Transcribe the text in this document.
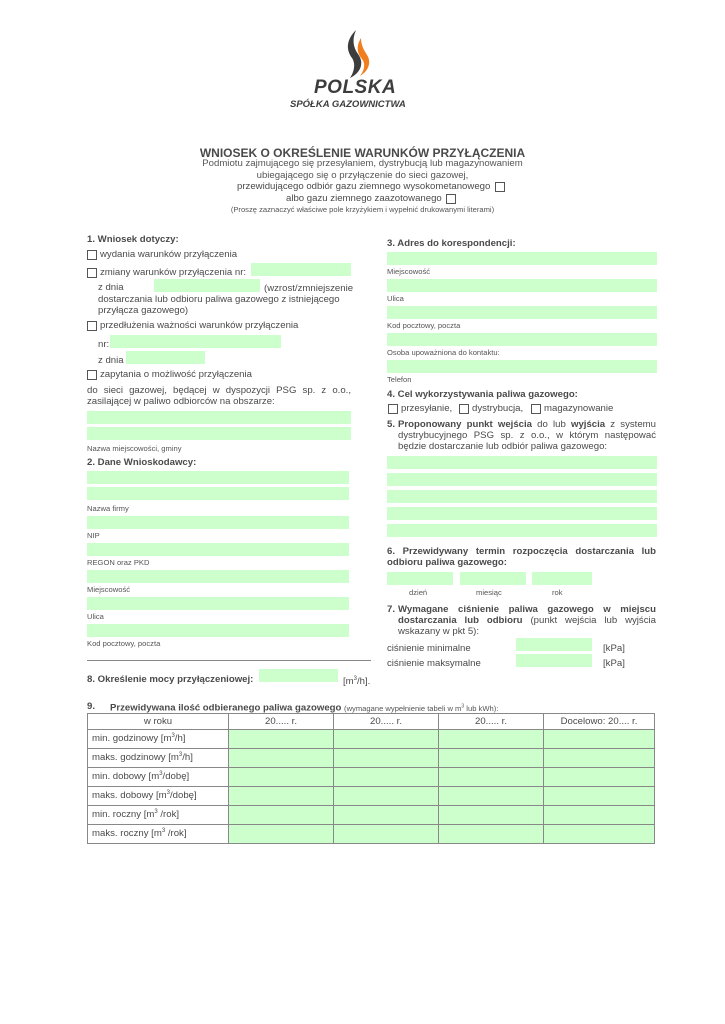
POLSKA
SPÓŁKA GAZOWNICTWA
WNIOSEK O OKREŚLENIE WARUNKÓW PRZYŁĄCZENIA
Podmiotu zajmującego się przesyłaniem, dystrybucją lub magazynowaniem
ubiegającego się o przyłączenie do sieci gazowej,
przewidującego odbiór gazu ziemnego wysokometanowego
albo gazu ziemnego zaazotowanego
(Proszę zaznaczyć właściwe pole krzyżykiem i wypełnić drukowanymi literami)
1. Wniosek dotyczy:
wydania warunków przyłączenia
zmiany warunków przyłączenia nr:
z dnia	(wzrost/zmniejszenie
dostarczania lub odbioru paliwa gazowego z istniejącego
przyłącza gazowego)
przedłużenia ważności warunków przyłączenia
nr:
z dnia
zapytania o możliwość przyłączenia
do sieci gazowej, będącej w dyspozycji PSG sp. z o.o., zasilającej w paliwo odbiorców na obszarze:
Nazwa miejscowości, gminy
2. Dane Wnioskodawcy:
Nazwa firmy
NIP
REGON oraz PKD
Miejscowość
Ulica
Kod pocztowy, poczta
3. Adres do korespondencji:
Miejscowość
Ulica
Kod pocztowy, poczta
Osoba upoważniona do kontaktu:
Telefon
4. Cel wykorzystywania paliwa gazowego:
przesyłanie, dystrybucja, magazynowanie
5. Proponowany punkt wejścia do lub wyjścia z systemu dystrybucyjnego PSG sp. z o.o., w którym następować będzie dostarczanie lub odbiór paliwa gazowego:
6. Przewidywany termin rozpoczęcia dostarczania lub odbioru paliwa gazowego:
dzień	miesiąc	rok
7. Wymagane ciśnienie paliwa gazowego w miejscu dostarczania lub odbioru (punkt wejścia lub wyjścia wskazany w pkt 5):
ciśnienie minimalne	[kPa]
ciśnienie maksymalne	[kPa]
8. Określenie mocy przyłączeniowej:	$[m^3/h]$.
9. Przewidywana ilość odbieranego paliwa gazowego (wymagane wypełnienie tabeli w $m^3$ lub kWh):
w roku	20..... r.	20..... r.	20..... r.	Docelowo: 20.... r.
min. godzinowy $[m^3/h]$				
maks. godzinowy $[m^3/h]$				
min. dobowy $[m^3/dobę]$				
maks. dobowy $[m^3/dobę]$				
min. roczny [$m^3$ /rok]				
maks. roczny [$m^3$ /rok]				
